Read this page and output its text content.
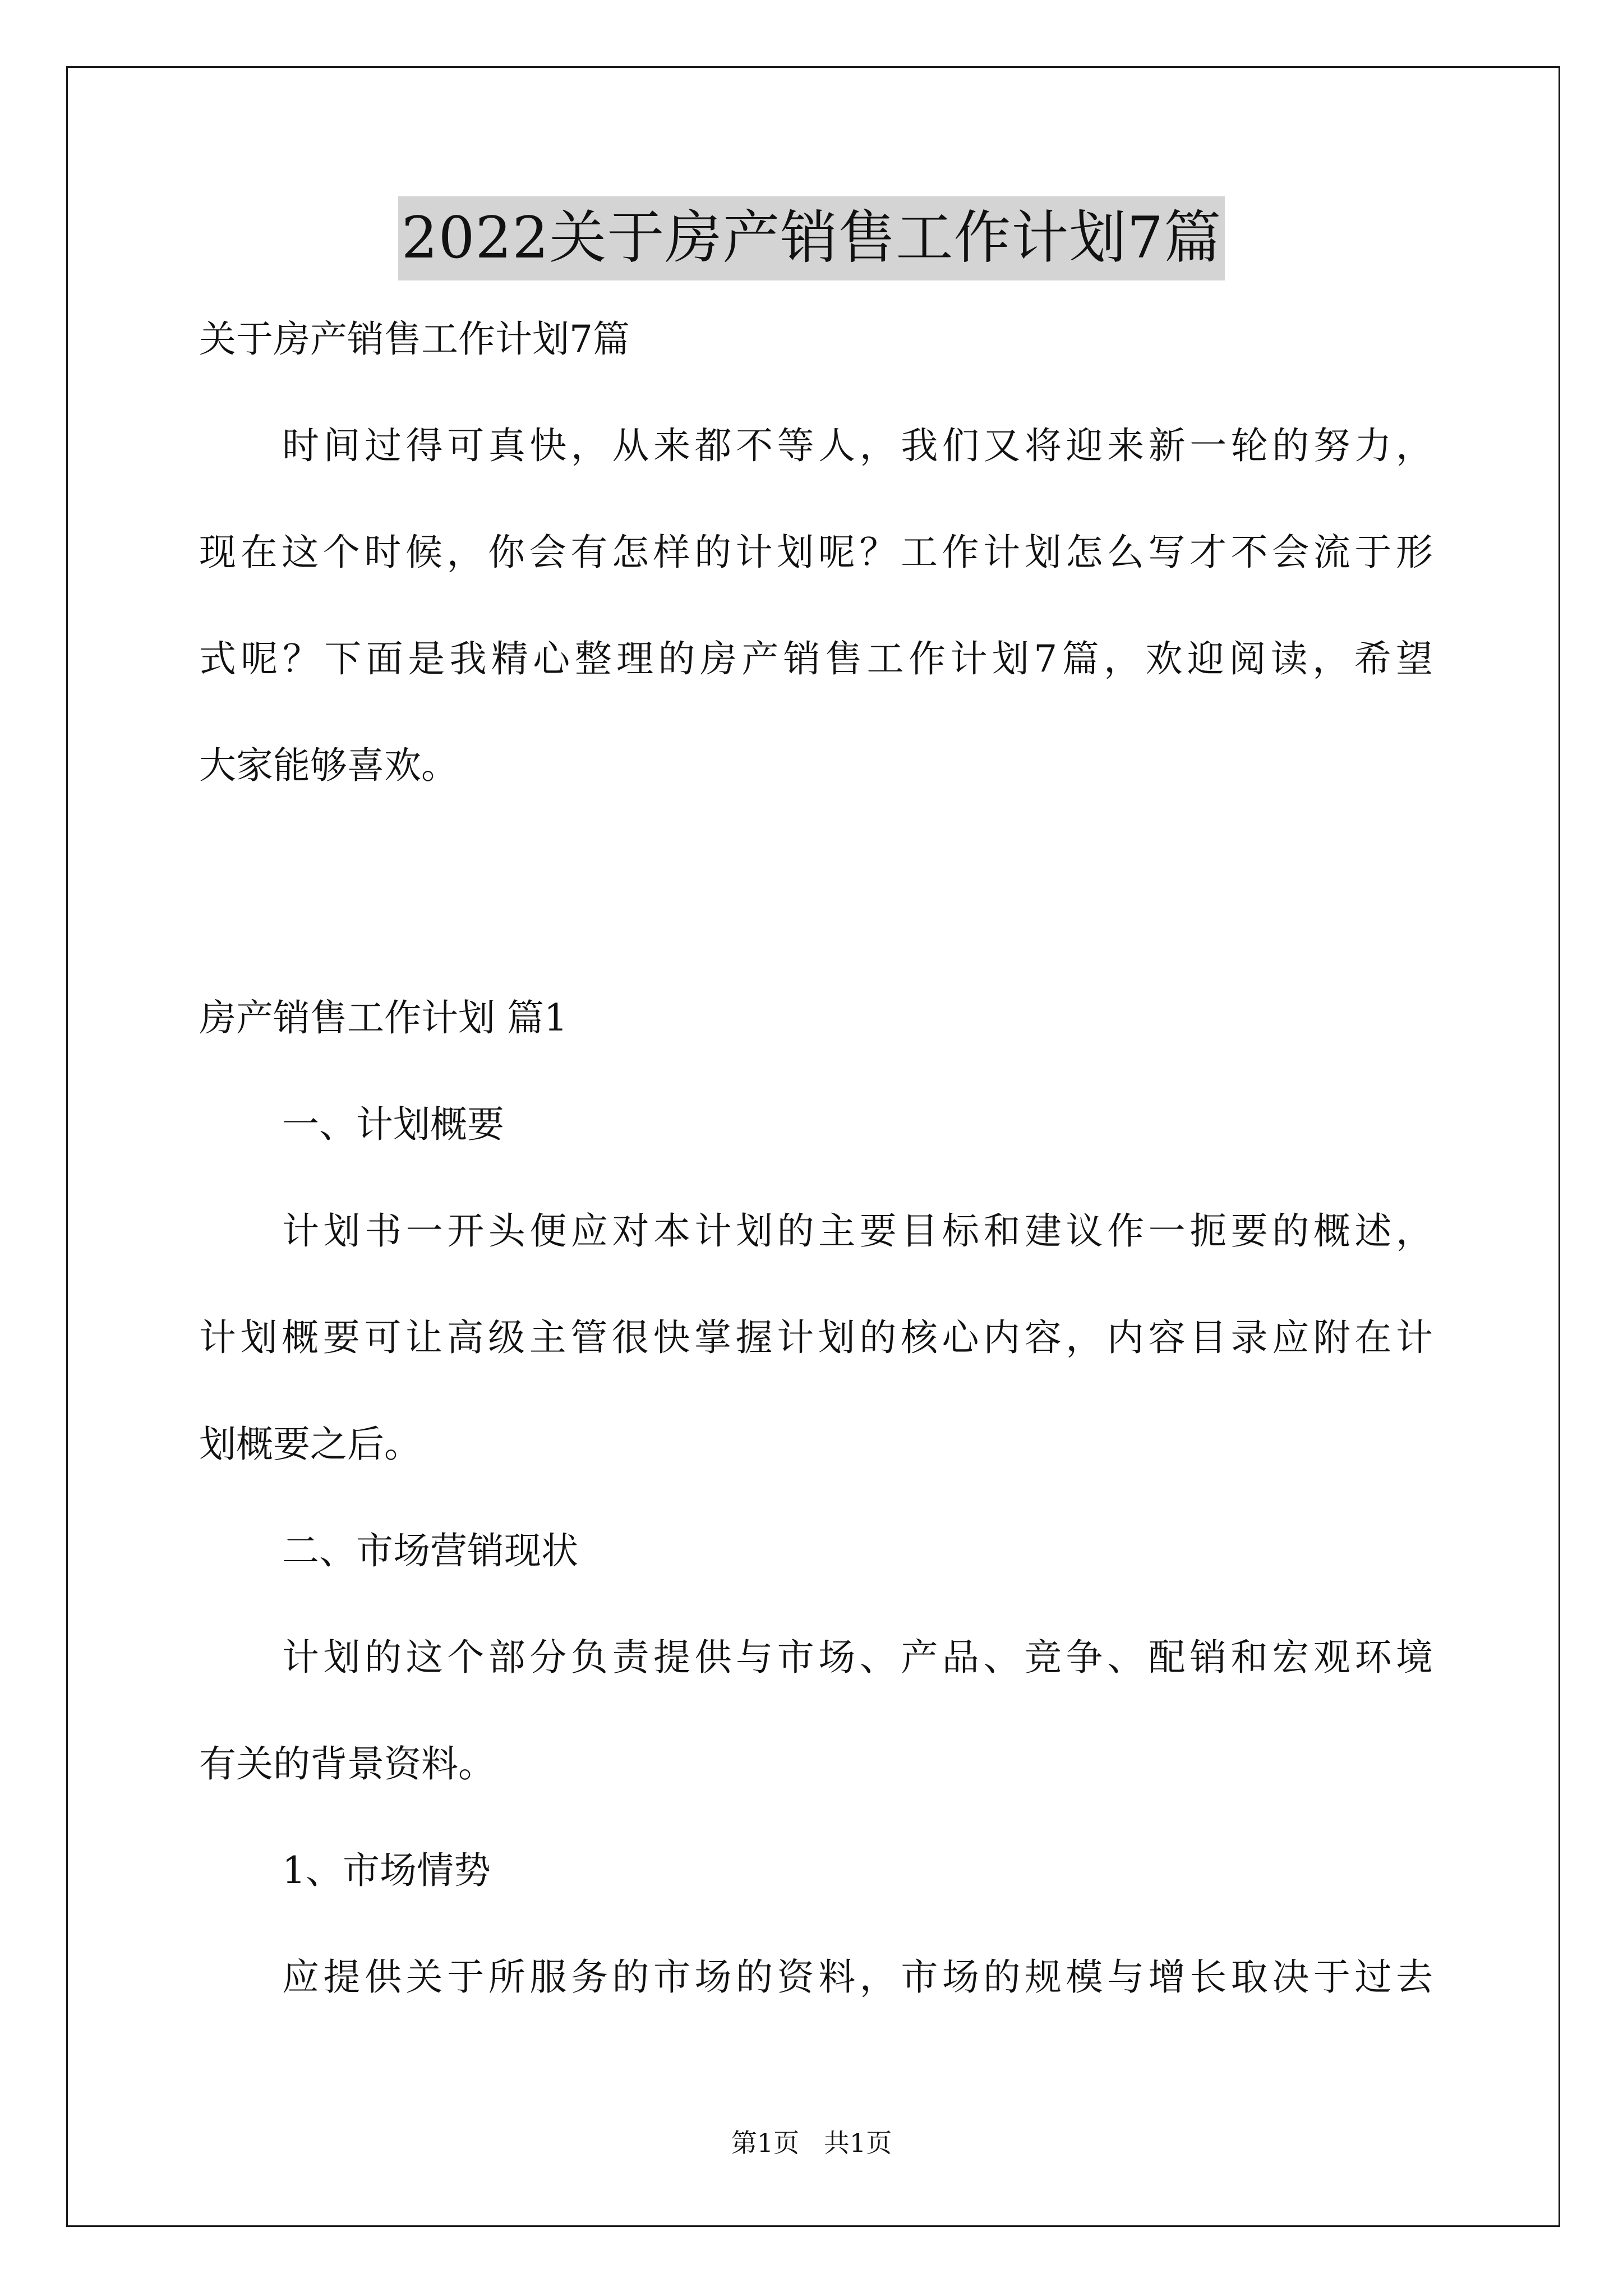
2022关于房产销售工作计划7篇

关于房产销售工作计划7篇

时间过得可真快，从来都不等人，我们又将迎来新一轮的努力，

现在这个时候，你会有怎样的计划呢？工作计划怎么写才不会流于形

式呢？下面是我精心整理的房产销售工作计划7篇，欢迎阅读，希望

大家能够喜欢。

房产销售工作计划 篇1

一、计划概要

计划书一开头便应对本计划的主要目标和建议作一扼要的概述，

计划概要可让高级主管很快掌握计划的核心内容，内容目录应附在计

划概要之后。

二、市场营销现状

计划的这个部分负责提供与市场、产品、竞争、配销和宏观环境

有关的背景资料。

1、市场情势

应提供关于所服务的市场的资料，市场的规模与增长取决于过去

第1页   共1页
